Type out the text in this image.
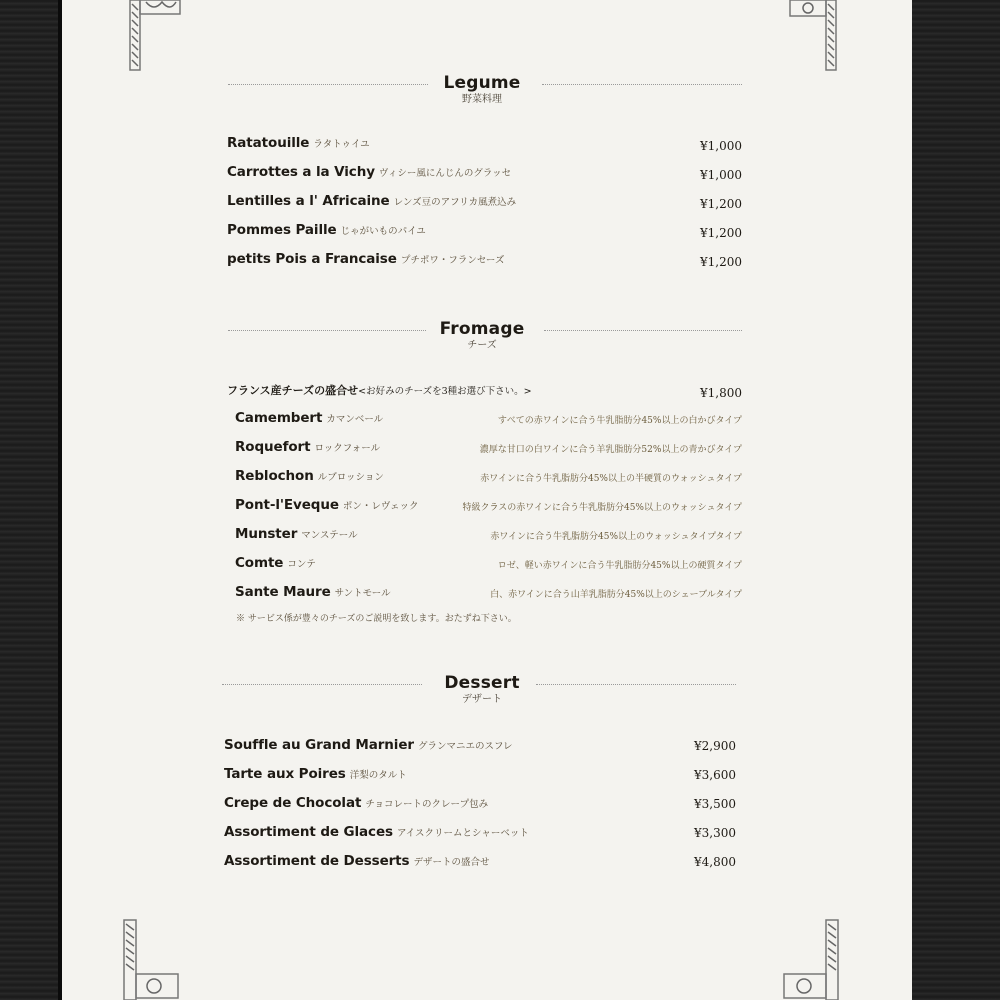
Legume
野菜料理
Ratatouille ラタトゥイユ	¥1,000
Carrottes a la Vichy ヴィシー風にんじんのグラッセ	¥1,000
Lentilles a l' Africaine レンズ豆のアフリカ風煮込み	¥1,200
Pommes Paille じゃがいものパイユ	¥1,200
petits Pois a Francaise プチポワ・フランセーズ	¥1,200
Fromage
チーズ
フランス産チーズの盛合せ<お好みのチーズを3種お選び下さい。>	¥1,800
Camembert カマンベール	すべての赤ワインに合う牛乳脂肪分45%以上の白かびタイプ
Roquefort ロックフォール	濃厚な甘口の白ワインに合う羊乳脂肪分52%以上の青かびタイプ
Reblochon ルブロッション	赤ワインに合う牛乳脂肪分45%以上の半硬質のウォッシュタイプ
Pont-l'Eveque ポン・レヴェック	特級クラスの赤ワインに合う牛乳脂肪分45%以上のウォッシュタイプ
Munster マンステール	赤ワインに合う牛乳脂肪分45%以上のウォッシュタイプタイプ
Comte コンテ	ロゼ、軽い赤ワインに合う牛乳脂肪分45%以上の硬質タイプ
Sante Maure サントモール	白、赤ワインに合う山羊乳脂肪分45%以上のシェーブルタイプ
※ サービス係が豊々のチーズのご説明を致します。おたずね下さい。
Dessert
デザート
Souffle au Grand Marnier グランマニエのスフレ	¥2,900
Tarte aux Poires 洋梨のタルト	¥3,600
Crepe de Chocolat チョコレートのクレープ包み	¥3,500
Assortiment de Glaces アイスクリームとシャーベット	¥3,300
Assortiment de Desserts デザートの盛合せ	¥4,800
